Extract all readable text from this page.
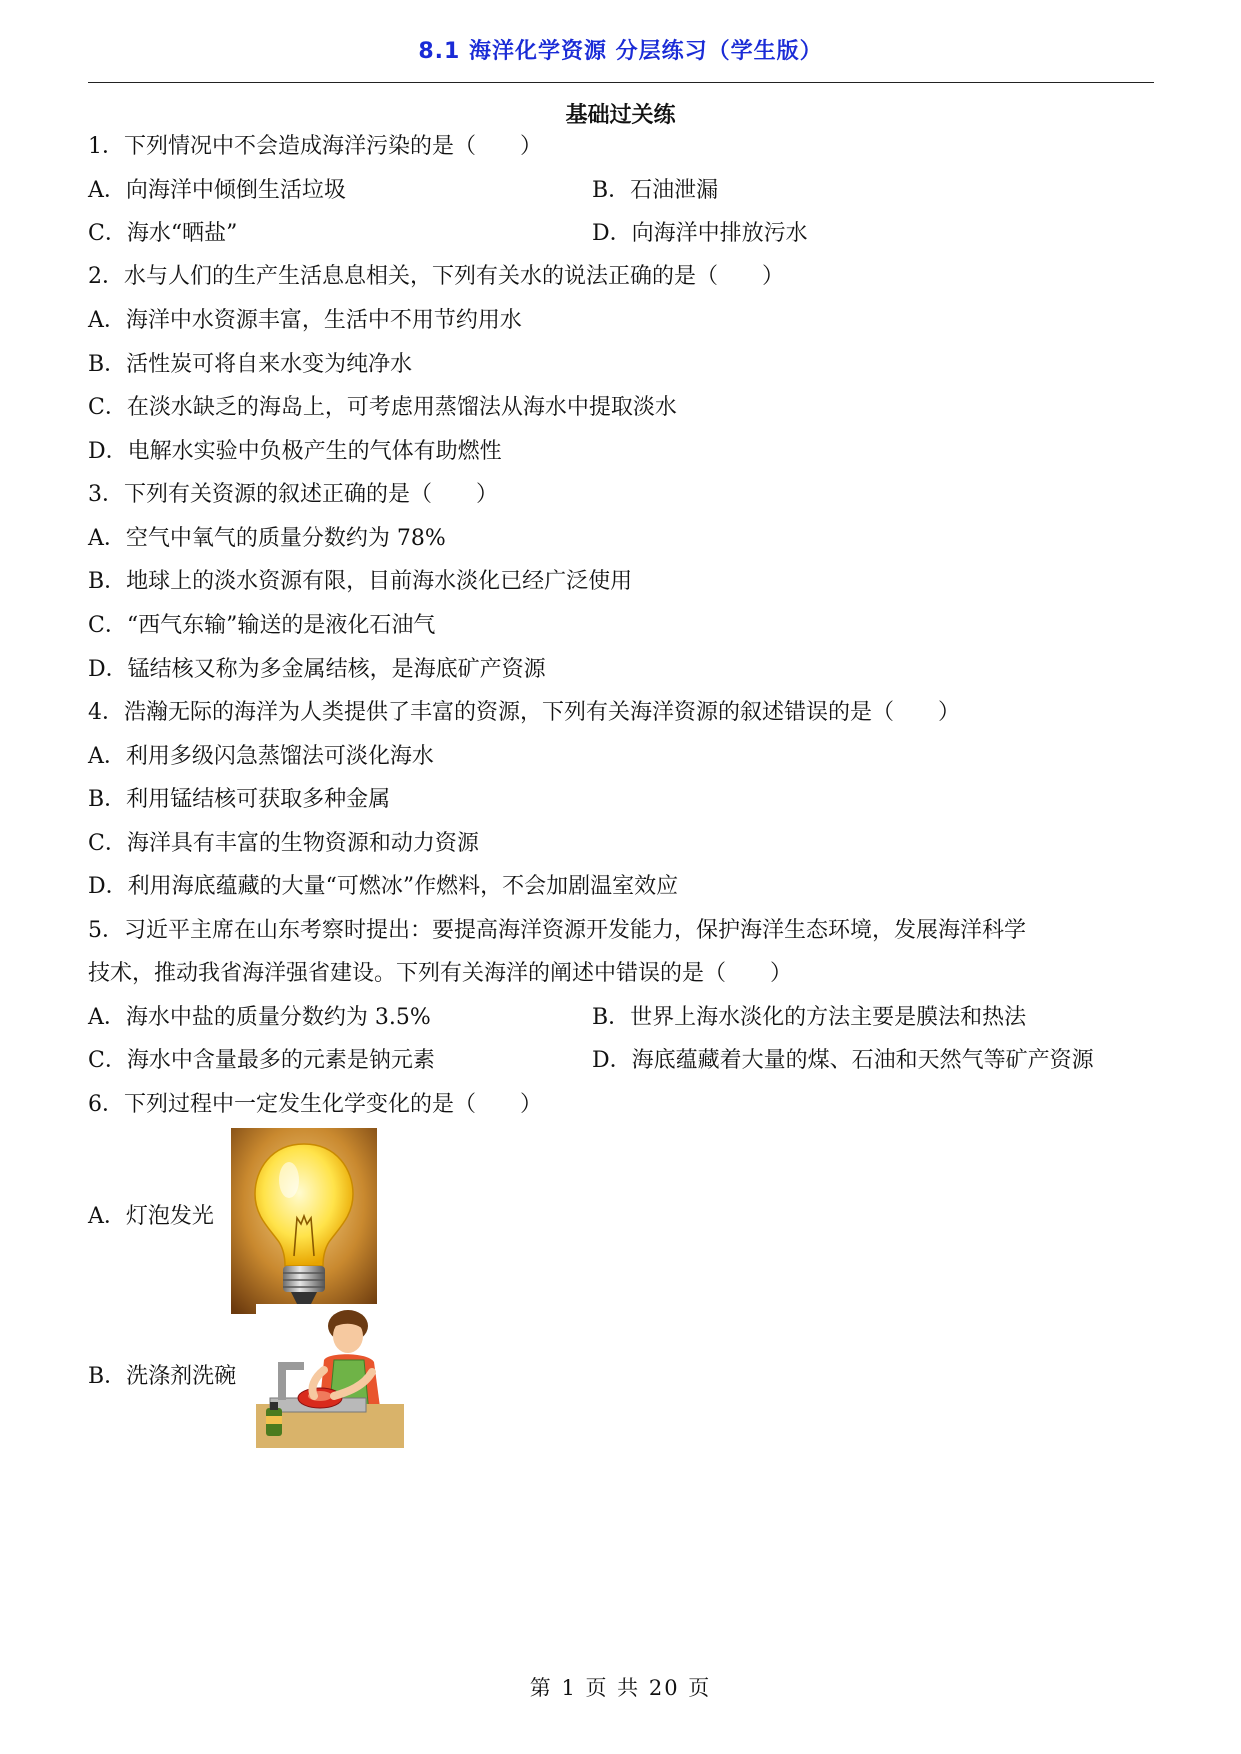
8.1 海洋化学资源 分层练习（学生版）
基础过关练
1．下列情况中不会造成海洋污染的是（　　）
A．向海洋中倾倒生活垃圾	B．石油泄漏
C．海水“晒盐”	D．向海洋中排放污水
2．水与人们的生产生活息息相关，下列有关水的说法正确的是（　　）
A．海洋中水资源丰富，生活中不用节约用水
B．活性炭可将自来水变为纯净水
C．在淡水缺乏的海岛上，可考虑用蒸馏法从海水中提取淡水
D．电解水实验中负极产生的气体有助燃性
3．下列有关资源的叙述正确的是（　　）
A．空气中氧气的质量分数约为 78%
B．地球上的淡水资源有限，目前海水淡化已经广泛使用
C．“西气东输”输送的是液化石油气
D．锰结核又称为多金属结核，是海底矿产资源
4．浩瀚无际的海洋为人类提供了丰富的资源，下列有关海洋资源的叙述错误的是（　　）
A．利用多级闪急蒸馏法可淡化海水
B．利用锰结核可获取多种金属
C．海洋具有丰富的生物资源和动力资源
D．利用海底蕴藏的大量“可燃冰”作燃料，不会加剧温室效应
5．习近平主席在山东考察时提出：要提高海洋资源开发能力，保护海洋生态环境，发展海洋科学
技术，推动我省海洋强省建设。下列有关海洋的阐述中错误的是（　　）
A．海水中盐的质量分数约为 3.5%	B．世界上海水淡化的方法主要是膜法和热法
C．海水中含量最多的元素是钠元素	D．海底蕴藏着大量的煤、石油和天然气等矿产资源
6．下列过程中一定发生化学变化的是（　　）
A．灯泡发光
B．洗涤剂洗碗
第 1 页 共 20 页
